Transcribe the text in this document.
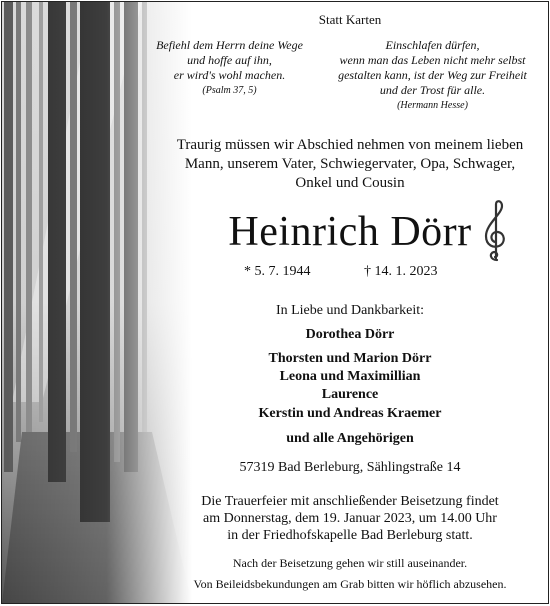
Statt Karten
Befiehl dem Herrn deine Wege
und hoffe auf ihn,
er wird's wohl machen.
(Psalm 37, 5)
Einschlafen dürfen,
wenn man das Leben nicht mehr selbst
gestalten kann, ist der Weg zur Freiheit
und der Trost für alle.
(Hermann Hesse)
Traurig müssen wir Abschied nehmen von meinem lieben
Mann, unserem Vater, Schwiegervater, Opa, Schwager,
Onkel und Cousin
Heinrich Dörr
* 5. 7. 1944	† 14. 1. 2023
In Liebe und Dankbarkeit:
Dorothea Dörr
Thorsten und Marion Dörr
Leona und Maximillian
Laurence
Kerstin und Andreas Kraemer
und alle Angehörigen
57319 Bad Berleburg, Sählingstraße 14
Die Trauerfeier mit anschließender Beisetzung findet
am Donnerstag, dem 19. Januar 2023, um 14.00 Uhr
in der Friedhofskapelle Bad Berleburg statt.
Nach der Beisetzung gehen wir still auseinander.
Von Beileidsbekundungen am Grab bitten wir höflich abzusehen.
